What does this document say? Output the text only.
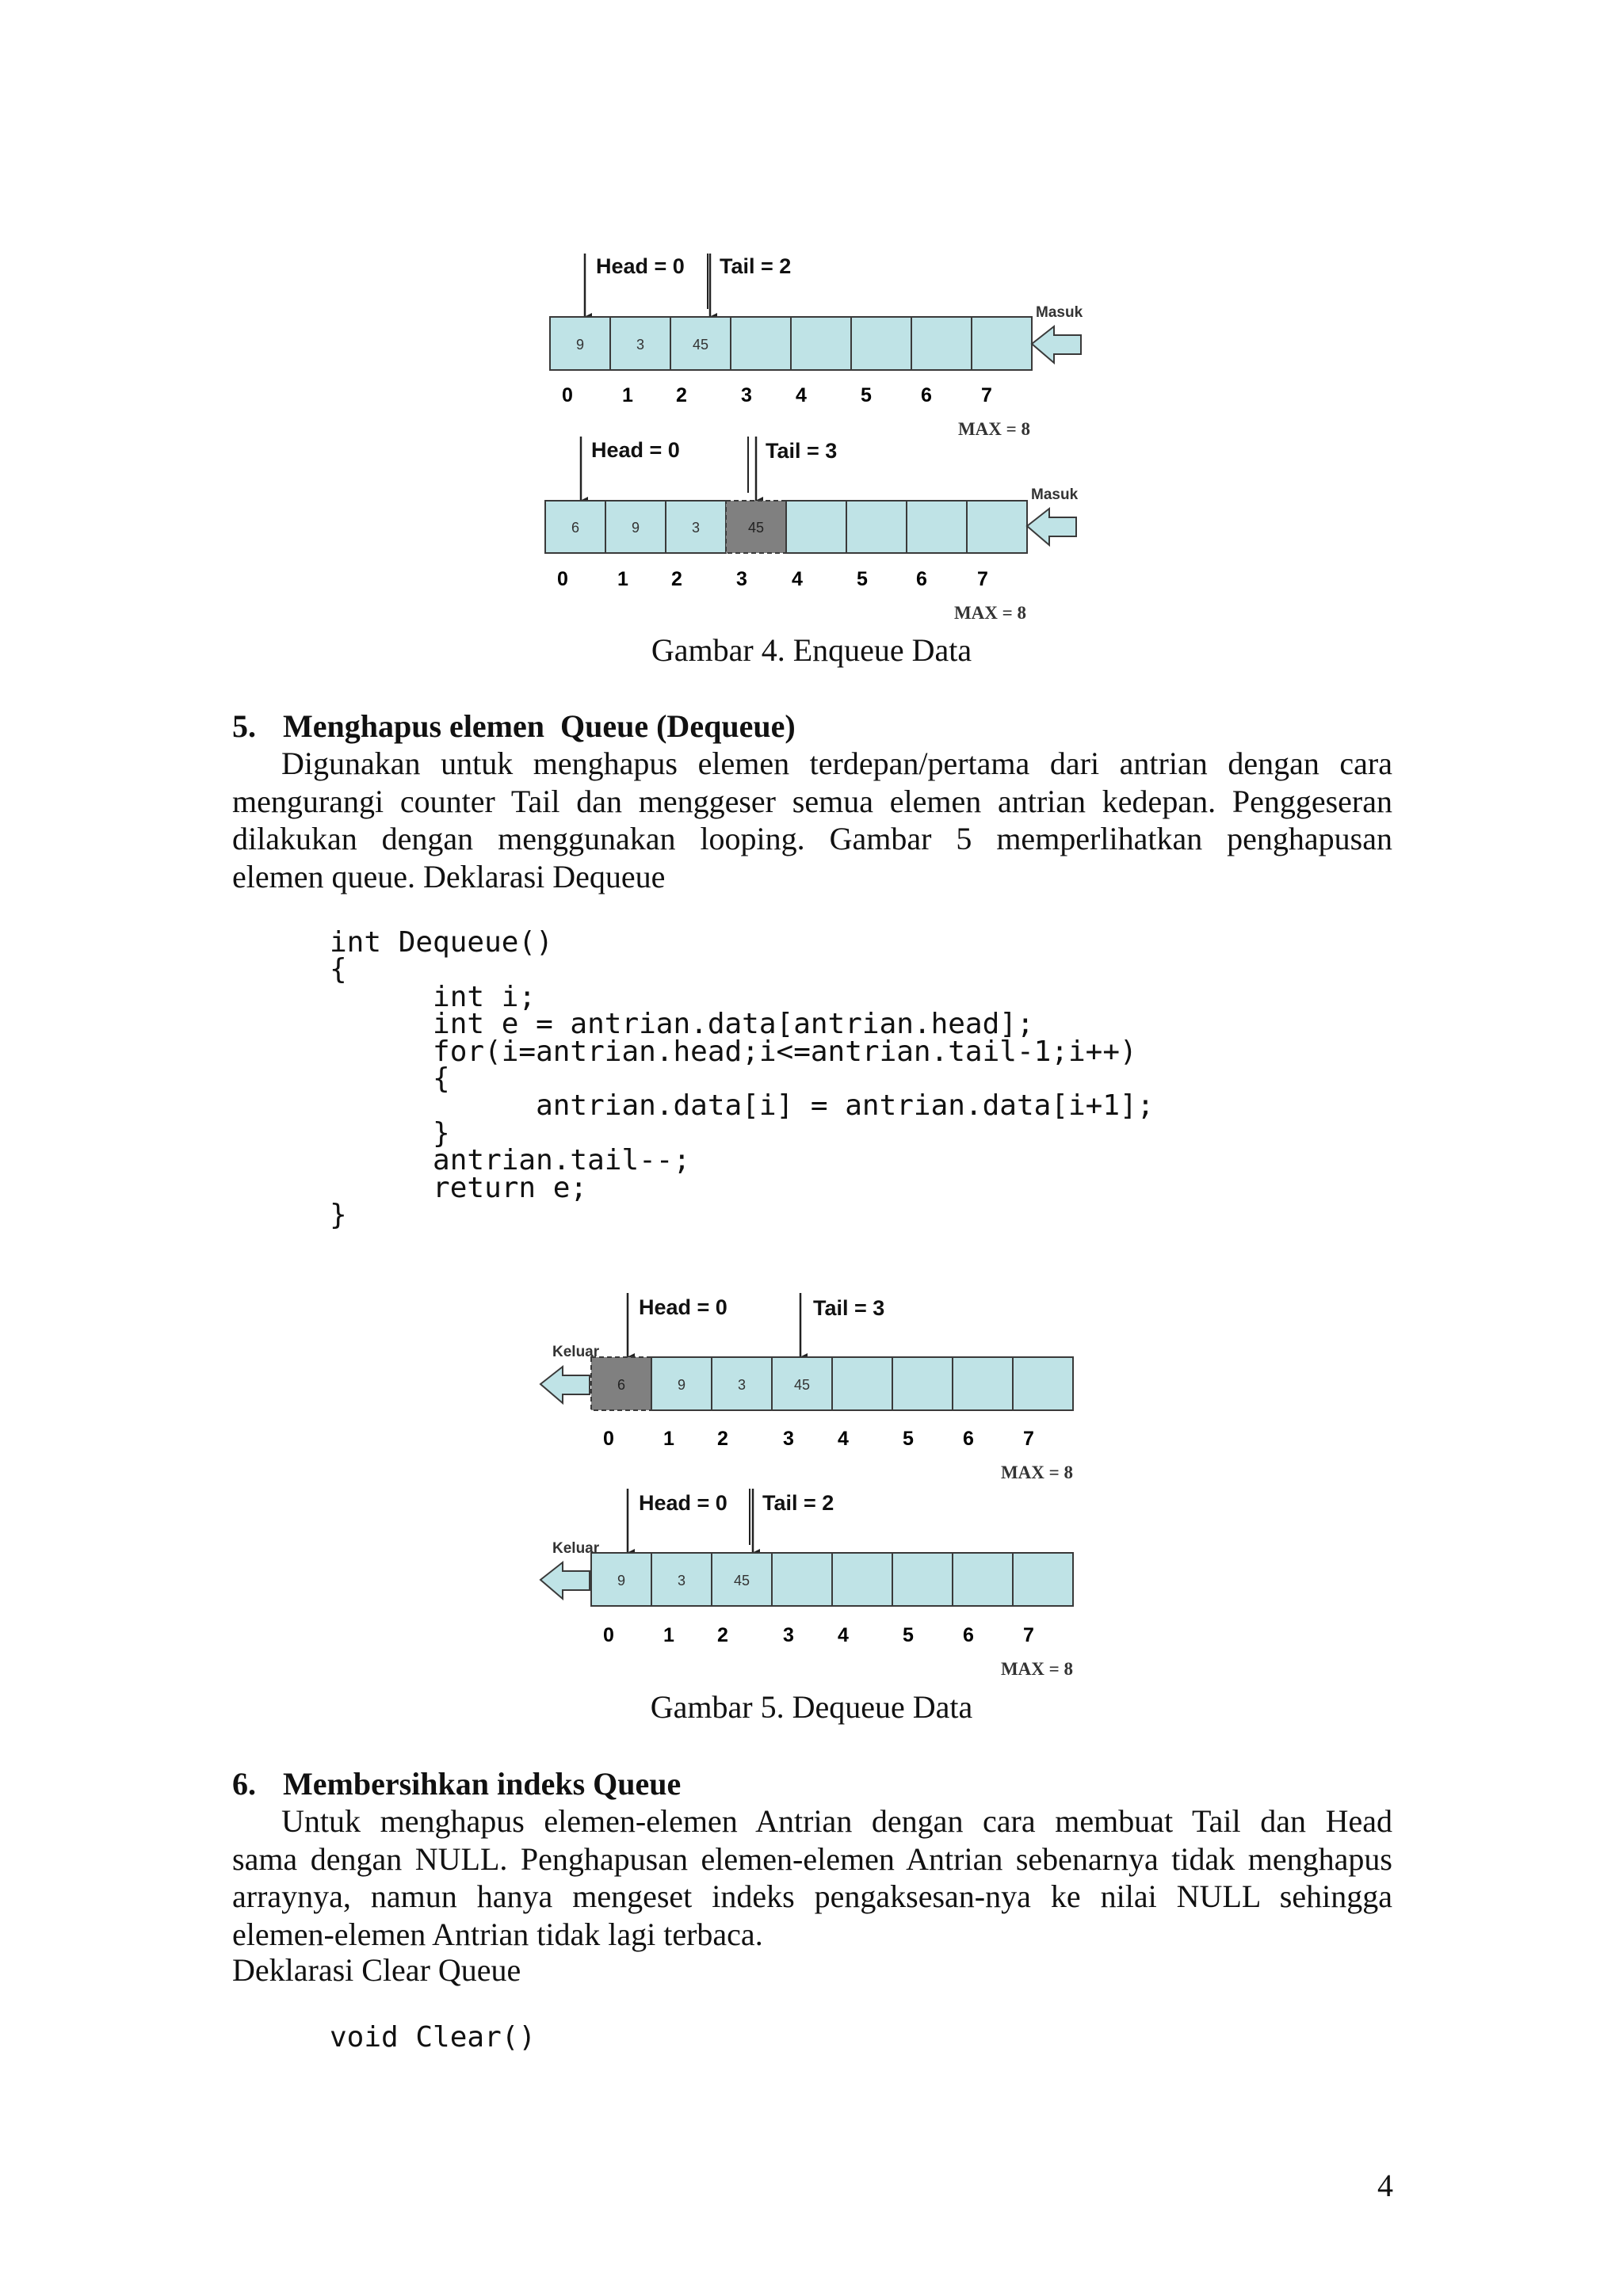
Head = 0 Tail = 2
9	3	45
Masuk
0 1 2	3 4	5 6 7
MAX = 8
Head = 0	Tail = 3
6	9	3	45
Masuk
0 1 2	3 4	5 6	7
MAX = 8
Gambar 4. Enqueue Data
5. Menghapus elemen  Queue (Dequeue)
Digunakan untuk menghapus elemen terdepan/pertama dari antrian dengan cara
mengurangi counter Tail dan menggeser semua elemen antrian kedepan. Penggeseran
dilakukan dengan menggunakan looping. Gambar 5 memperlihatkan penghapusan
elemen queue. Deklarasi Dequeue
int Dequeue()
{
int i;
int e = antrian.data[antrian.head];
for(i=antrian.head;i<=antrian.tail-1;i++)
{
antrian.data[i] = antrian.data[i+1];
}
antrian.tail--;
return e;
}
Head = 0	Tail = 3
6	9	3	45
Keluar
0 1 2	3 4	5 6 7
MAX = 8
Head = 0 Tail = 2
9	3	45
Keluar
0 1 2	3 4	5 6 7
MAX = 8
Gambar 5. Dequeue Data
6. Membersihkan indeks Queue
Untuk menghapus elemen-elemen Antrian dengan cara membuat Tail dan Head
sama dengan NULL. Penghapusan elemen-elemen Antrian sebenarnya tidak menghapus
arraynya, namun hanya mengeset indeks pengaksesan-nya ke nilai NULL sehingga
elemen-elemen Antrian tidak lagi terbaca.
Deklarasi Clear Queue
void Clear()
4
